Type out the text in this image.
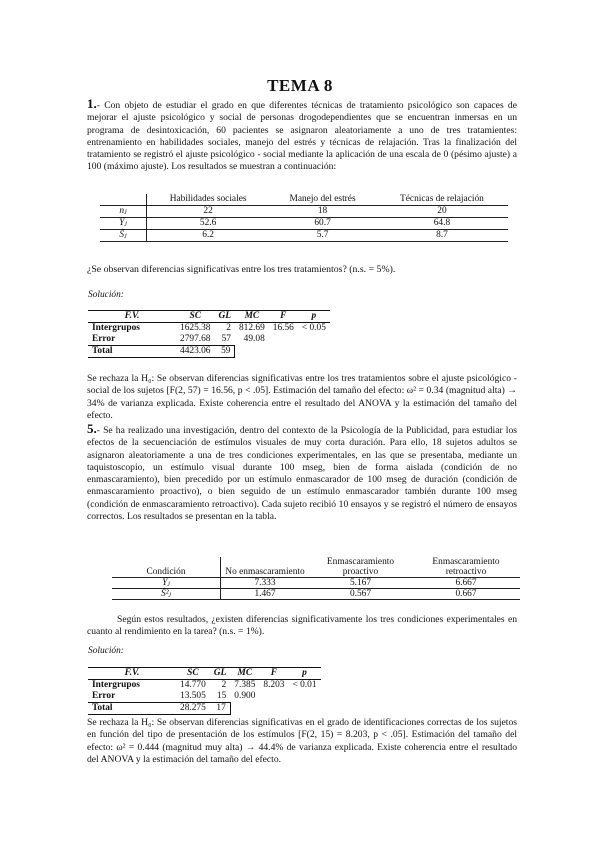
TEMA 8
1.- Con objeto de estudiar el grado en que diferentes técnicas de tratamiento psicológico son capaces de mejorar el ajuste psicológico y social de personas drogodependientes que se encuentran inmersas en un programa de desintoxicación, 60 pacientes se asignaron aleatoriamente a uno de tres tratamientes: entrenamiento en habilidades sociales, manejo del estrés y técnicas de relajación. Tras la finalización del tratamiento se registró el ajuste psicológico - social mediante la aplicación de una escala de 0 (pésimo ajuste) a 100 (máximo ajuste). Los resultados se muestran a continuación:
	Habilidades sociales	Manejo del estrés	Técnicas de relajación
nⱼ	22	18	20
Ȳⱼ	52.6	60.7	64.8
Ŝⱼ	6.2	5.7	8.7
¿Se observan diferencias significativas entre los tres tratamientos? (n.s. = 5%).
Solución:
F.V.	SC	GL	MC	F	p
Intergrupos	1625.38	2	812.69	16.56	< 0.05
Error	2797.68	57	49.08		
Total	4423.06	59			
Se rechaza la H₀: Se observan diferencias significativas entre los tres tratamientos sobre el ajuste psicológico - social de los sujetos [F(2, 57) = 16.56, p < .05]. Estimación del tamaño del efecto: ω² = 0.34 (magnitud alta) → 34% de varianza explicada. Existe coherencia entre el resultado del ANOVA y la estimación del tamaño del efecto.
5.- Se ha realizado una investigación, dentro del contexto de la Psicología de la Publicidad, para estudiar los efectos de la secuenciación de estímulos visuales de muy corta duración. Para ello, 18 sujetos adultos se asignaron aleatoriamente a una de tres condiciones experimentales, en las que se presentaba, mediante un taquistoscopio, un estímulo visual durante 100 mseg, bien de forma aislada (condición de no enmascaramiento), bien precedido por un estímulo enmascarador de 100 mseg de duración (condición de enmascaramiento proactivo), o bien seguido de un estímulo enmascarador también durante 100 mseg (condición de enmascaramiento retroactivo). Cada sujeto recibió 10 ensayos y se registró el número de ensayos correctos. Los resultados se presentan en la tabla.
Condición	No enmascaramiento	Enmascaramiento proactivo	Enmascaramiento retroactivo
Ȳⱼ	7.333	5.167	6.667
Ŝ²ⱼ	1.467	0.567	0.667
Según estos resultados, ¿existen diferencias significativamente los tres condiciones experimentales en cuanto al rendimiento en la tarea? (n.s. = 1%).
Solución:
F.V.	SC	GL	MC	F	p
Intergrupos	14.770	2	7.385	8.203	< 0.01
Error	13.505	15	0.900		
Total	28.275	17			
Se rechaza la H₀: Se observan diferencias significativas en el grado de identificaciones correctas de los sujetos en función del tipo de presentación de los estímulos [F(2, 15) = 8.203, p < .05]. Estimación del tamaño del efecto: ω² = 0.444 (magnitud muy alta) → 44.4% de varianza explicada. Existe coherencia entre el resultado del ANOVA y la estimación del tamaño del efecto.
